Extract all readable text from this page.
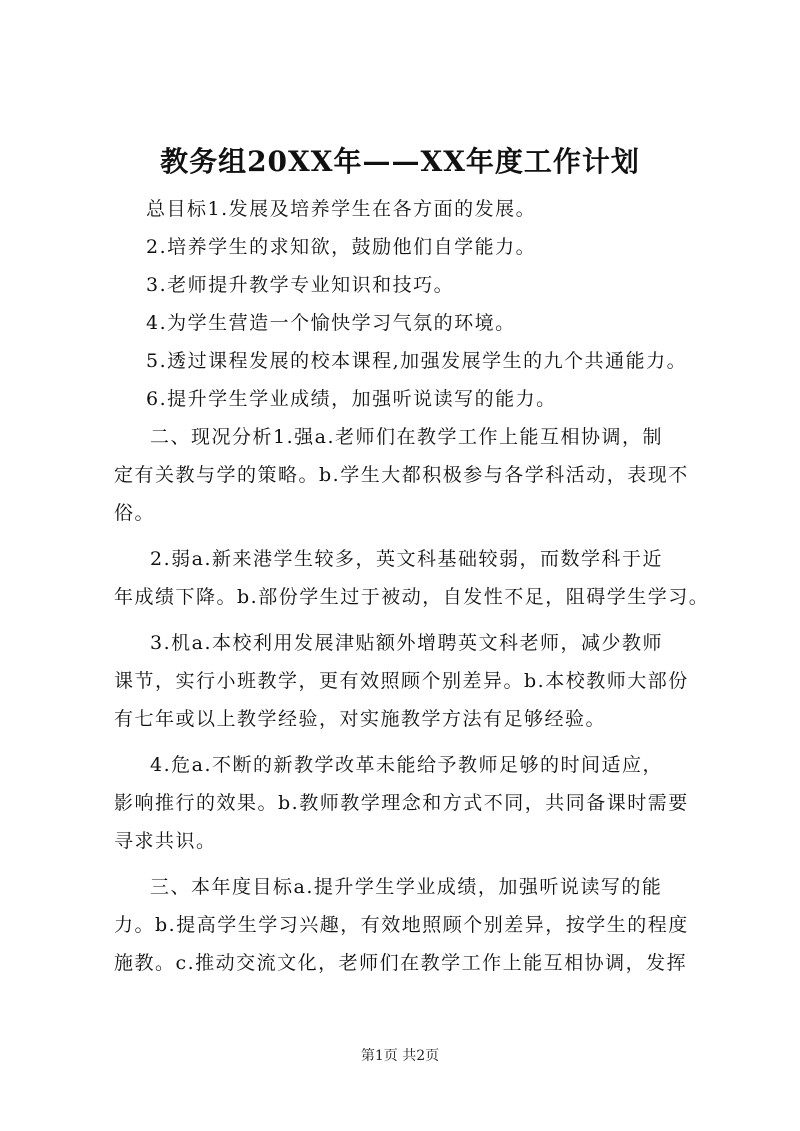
教务组20XX年——XX年度工作计划
总目标1.发展及培养学生在各方面的发展。
2.培养学生的求知欲，鼓励他们自学能力。
3.老师提升教学专业知识和技巧。
4.为学生营造一个愉快学习气氛的环境。
5.透过课程发展的校本课程,加强发展学生的九个共通能力。
6.提升学生学业成绩，加强听说读写的能力。
二、现况分析1.强a.老师们在教学工作上能互相协调，制
定有关教与学的策略。b.学生大都积极参与各学科活动，表现不
俗。
2.弱a.新来港学生较多，英文科基础较弱，而数学科于近
年成绩下降。b.部份学生过于被动，自发性不足，阻碍学生学习。
3.机a.本校利用发展津贴额外增聘英文科老师，减少教师
课节，实行小班教学，更有效照顾个别差异。b.本校教师大部份
有七年或以上教学经验，对实施教学方法有足够经验。
4.危a.不断的新教学改革未能给予教师足够的时间适应，
影响推行的效果。b.教师教学理念和方式不同，共同备课时需要
寻求共识。
三、本年度目标a.提升学生学业成绩，加强听说读写的能
力。b.提高学生学习兴趣，有效地照顾个别差异，按学生的程度
施教。c.推动交流文化，老师们在教学工作上能互相协调，发挥
第1页 共2页
